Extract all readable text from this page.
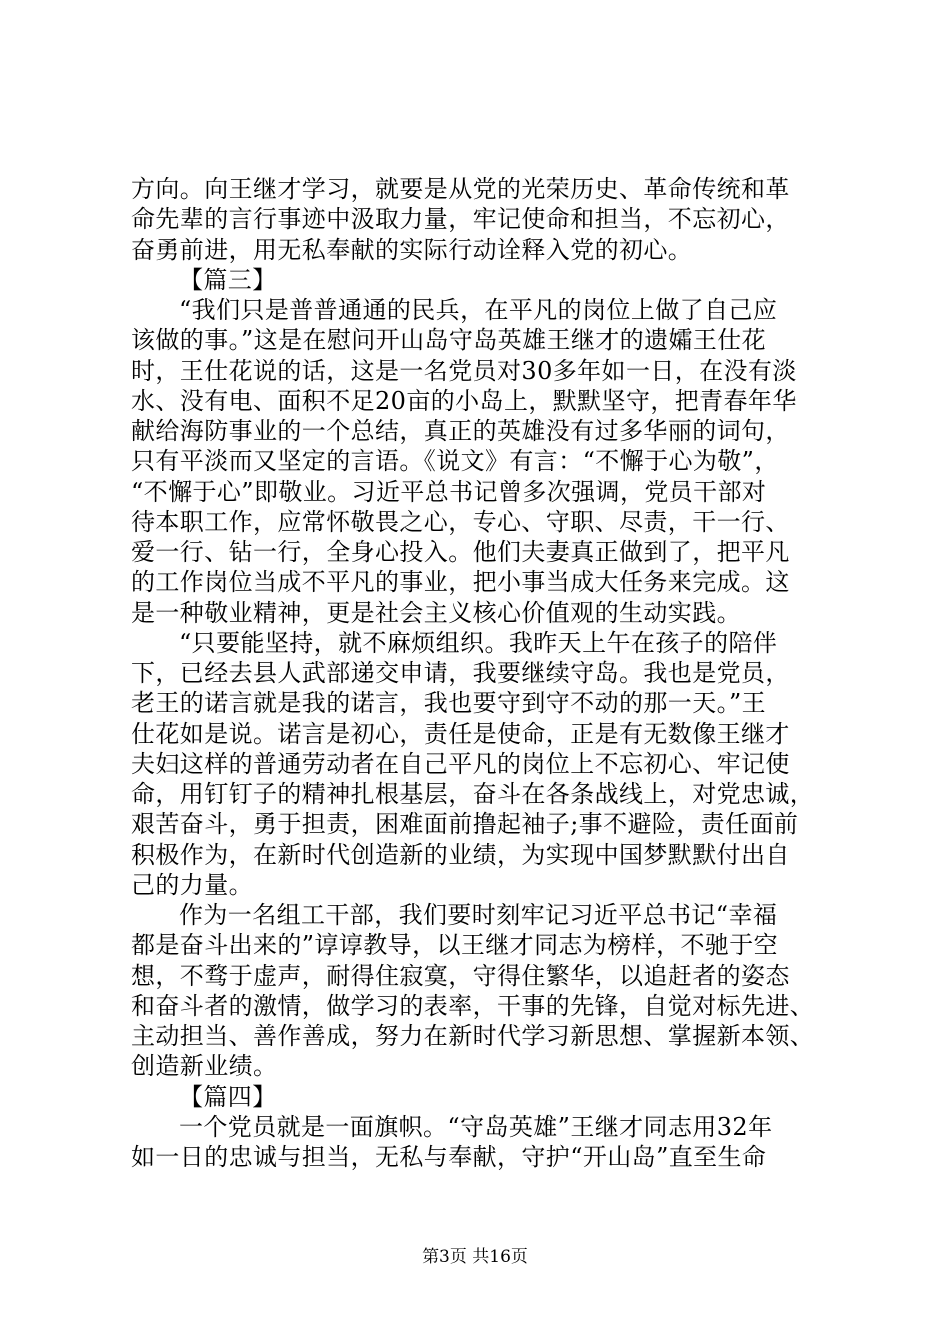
方向。向王继才学习，就要是从党的光荣历史、革命传统和革
命先辈的言行事迹中汲取力量，牢记使命和担当，不忘初心，
奋勇前进，用无私奉献的实际行动诠释入党的初心。
【篇三】
“我们只是普普通通的民兵，在平凡的岗位上做了自己应
该做的事。”这是在慰问开山岛守岛英雄王继才的遗孀王仕花
时，王仕花说的话，这是一名党员对30多年如一日，在没有淡
水、没有电、面积不足20亩的小岛上，默默坚守，把青春年华
献给海防事业的一个总结，真正的英雄没有过多华丽的词句，
只有平淡而又坚定的言语。《说文》有言：“不懈于心为敬”，
“不懈于心”即敬业。习近平总书记曾多次强调，党员干部对
待本职工作，应常怀敬畏之心，专心、守职、尽责，干一行、
爱一行、钻一行，全身心投入。他们夫妻真正做到了，把平凡
的工作岗位当成不平凡的事业，把小事当成大任务来完成。这
是一种敬业精神，更是社会主义核心价值观的生动实践。
“只要能坚持，就不麻烦组织。我昨天上午在孩子的陪伴
下，已经去县人武部递交申请，我要继续守岛。我也是党员，
老王的诺言就是我的诺言，我也要守到守不动的那一天。”王
仕花如是说。诺言是初心，责任是使命，正是有无数像王继才
夫妇这样的普通劳动者在自己平凡的岗位上不忘初心、牢记使
命，用钉钉子的精神扎根基层，奋斗在各条战线上，对党忠诚，
艰苦奋斗，勇于担责，困难面前撸起袖子;事不避险，责任面前
积极作为，在新时代创造新的业绩，为实现中国梦默默付出自
己的力量。
作为一名组工干部，我们要时刻牢记习近平总书记“幸福
都是奋斗出来的”谆谆教导，以王继才同志为榜样，不驰于空
想，不骛于虚声，耐得住寂寞，守得住繁华，以追赶者的姿态
和奋斗者的激情，做学习的表率，干事的先锋，自觉对标先进、
主动担当、善作善成，努力在新时代学习新思想、掌握新本领、
创造新业绩。
【篇四】
一个党员就是一面旗帜。“守岛英雄”王继才同志用32年
如一日的忠诚与担当，无私与奉献，守护“开山岛”直至生命
第3页 共16页
